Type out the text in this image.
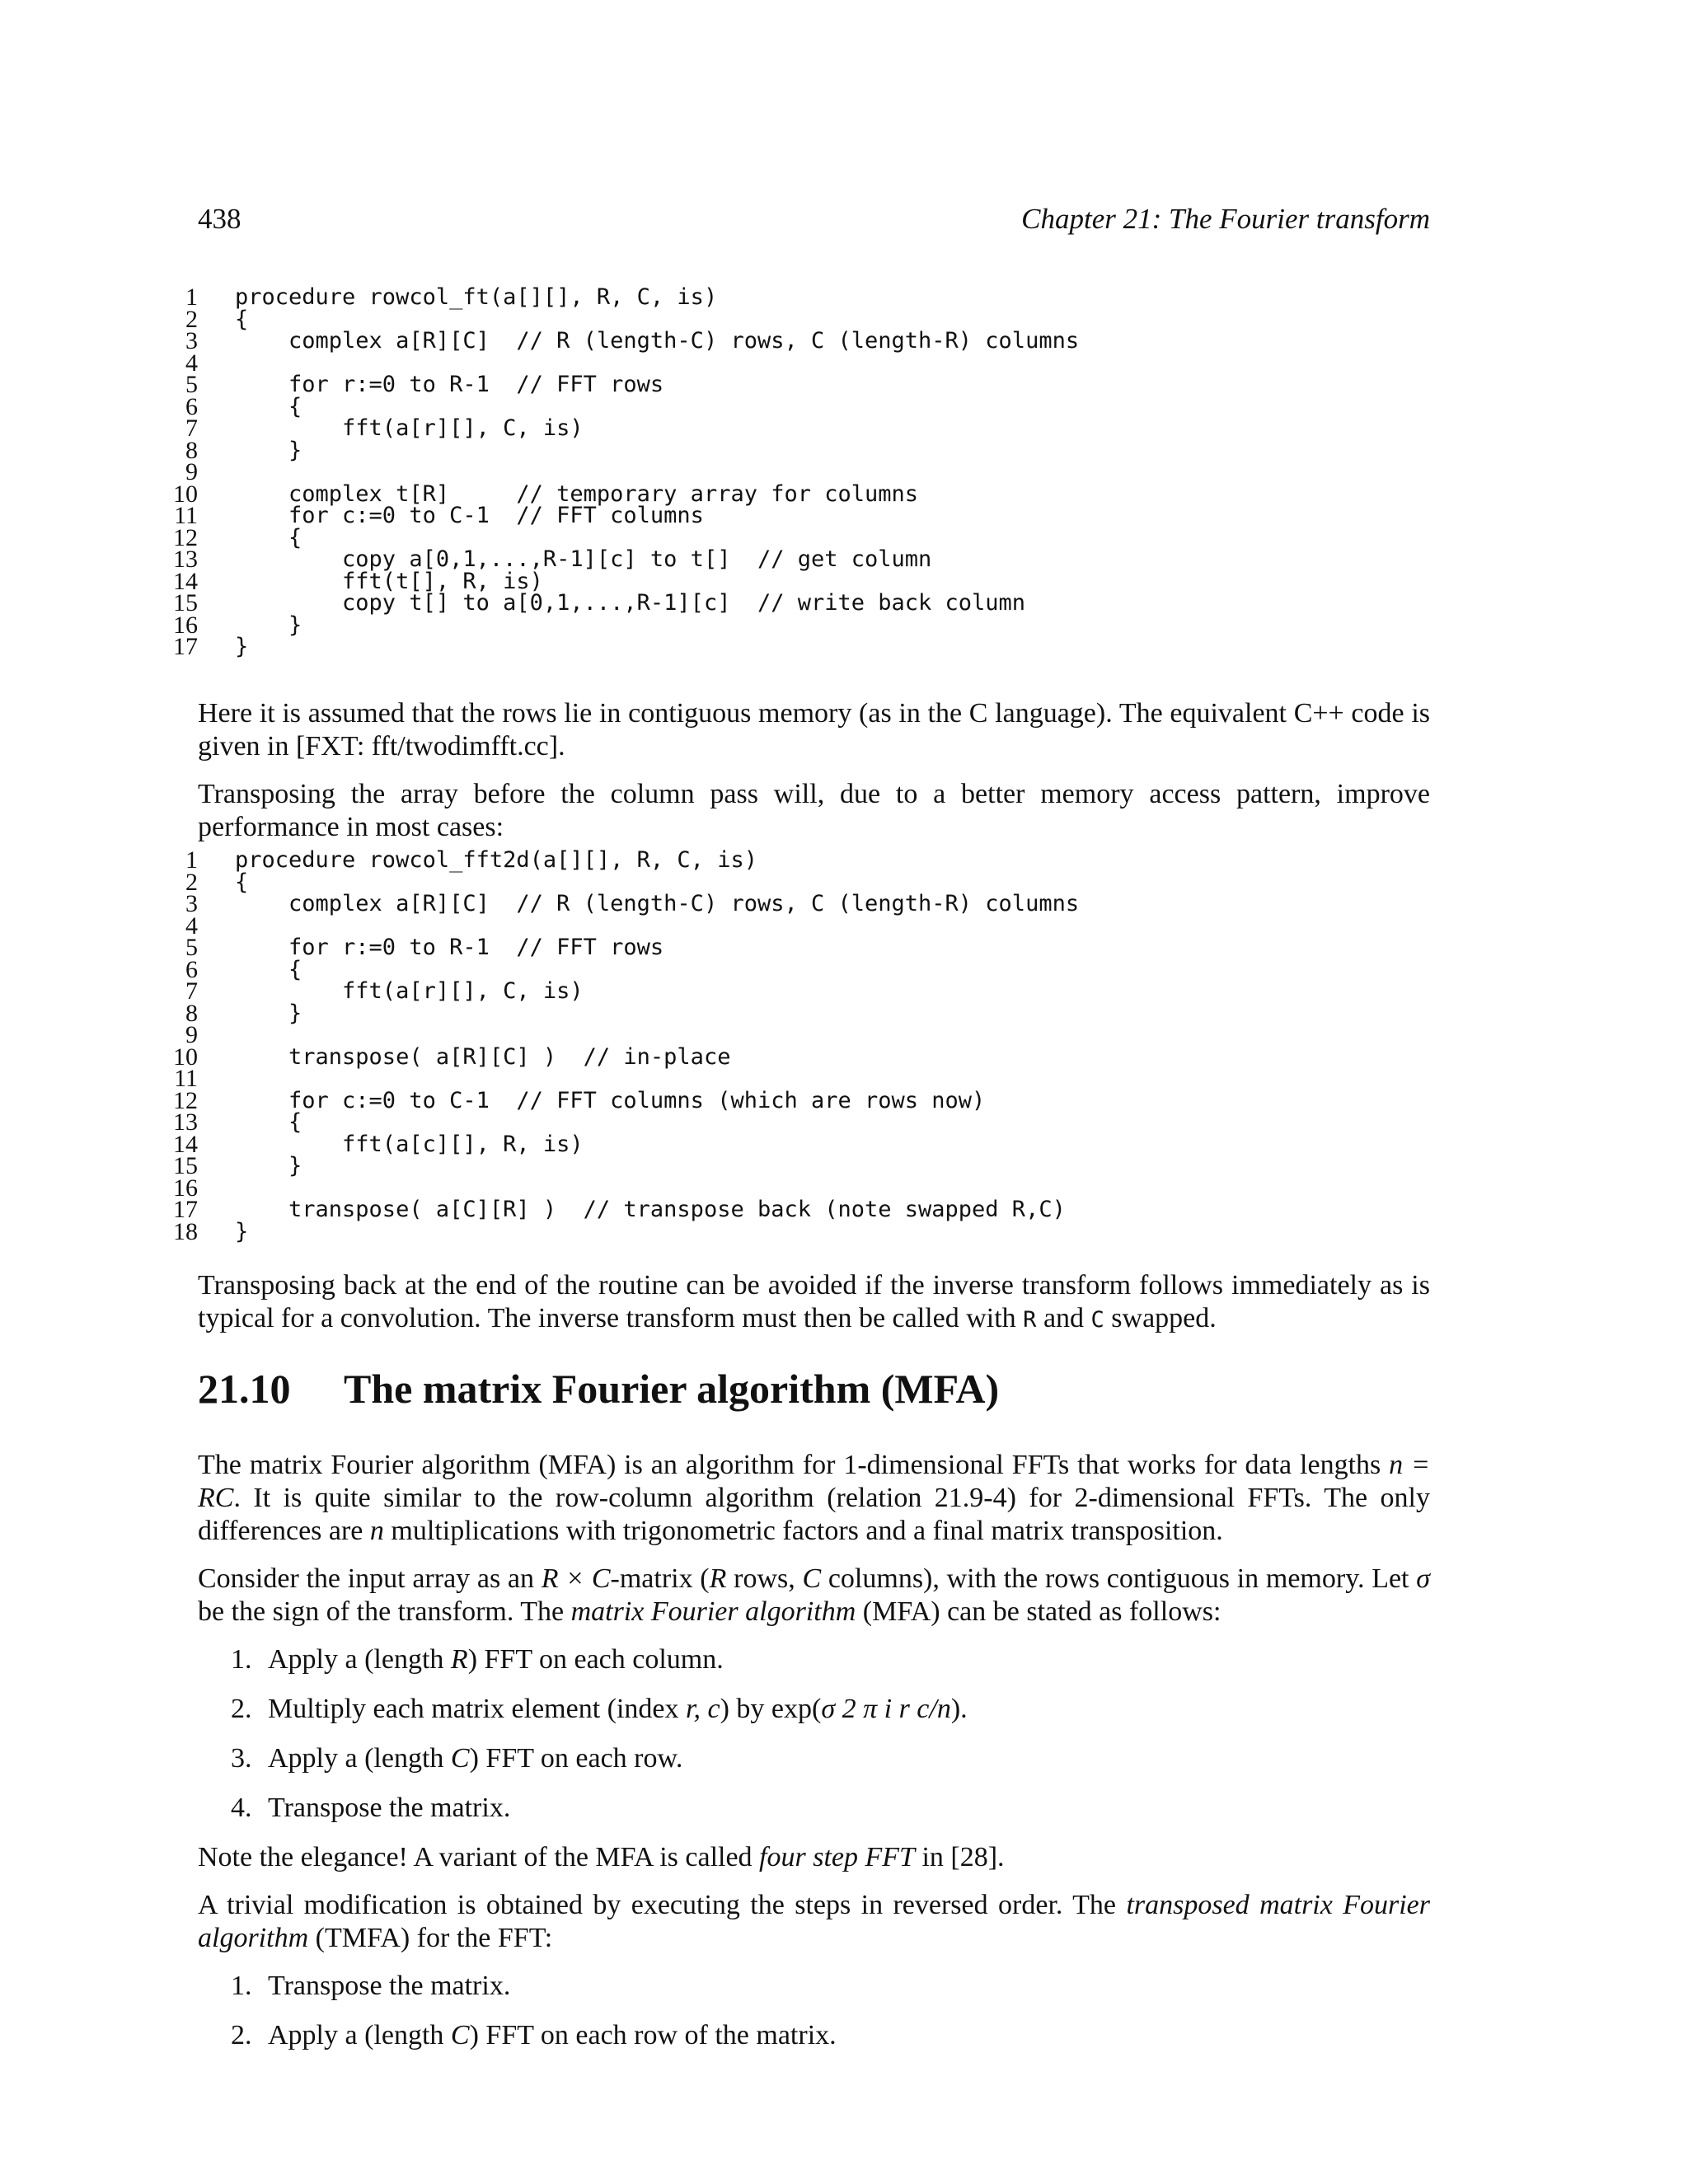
438	Chapter 21: The Fourier transform
1 procedure rowcol_ft(a[][], R, C, is)
2 {
3 complex a[R][C]  // R (length-C) rows, C (length-R) columns
4
5 for r:=0 to R-1  // FFT rows
6 {
7 fft(a[r][], C, is)
8 }
9
10 complex t[R]     // temporary array for columns
11 for c:=0 to C-1  // FFT columns
12 {
13 copy a[0,1,...,R-1][c] to t[]  // get column
14 fft(t[], R, is)
15 copy t[] to a[0,1,...,R-1][c]  // write back column
16 }
17 }

Here it is assumed that the rows lie in contiguous memory (as in the C language). The equivalent C++ code is given in [FXT: fft/twodimfft.cc].

Transposing the array before the column pass will, due to a better memory access pattern, improve performance in most cases:

1 procedure rowcol_fft2d(a[][], R, C, is)
2 {
3 complex a[R][C]  // R (length-C) rows, C (length-R) columns
4
5 for r:=0 to R-1  // FFT rows
6 {
7 fft(a[r][], C, is)
8 }
9
10 transpose( a[R][C] )  // in-place
11
12 for c:=0 to C-1  // FFT columns (which are rows now)
13 {
14 fft(a[c][], R, is)
15 }
16
17 transpose( a[C][R] )  // transpose back (note swapped R,C)
18 }

Transposing back at the end of the routine can be avoided if the inverse transform follows immediately as is typical for a convolution. The inverse transform must then be called with R and C swapped.

21.10 The matrix Fourier algorithm (MFA)

The matrix Fourier algorithm (MFA) is an algorithm for 1-dimensional FFTs that works for data lengths n = RC. It is quite similar to the row-column algorithm (relation 21.9-4) for 2-dimensional FFTs. The only differences are n multiplications with trigonometric factors and a final matrix transposition.

Consider the input array as an R × C-matrix (R rows, C columns), with the rows contiguous in memory. Let σ be the sign of the transform. The matrix Fourier algorithm (MFA) can be stated as follows:

1. Apply a (length R) FFT on each column.
2. Multiply each matrix element (index r, c) by exp(σ 2 π i r c/n).
3. Apply a (length C) FFT on each row.
4. Transpose the matrix.

Note the elegance! A variant of the MFA is called four step FFT in [28].

A trivial modification is obtained by executing the steps in reversed order. The transposed matrix Fourier algorithm (TMFA) for the FFT:

1. Transpose the matrix.
2. Apply a (length C) FFT on each row of the matrix.
